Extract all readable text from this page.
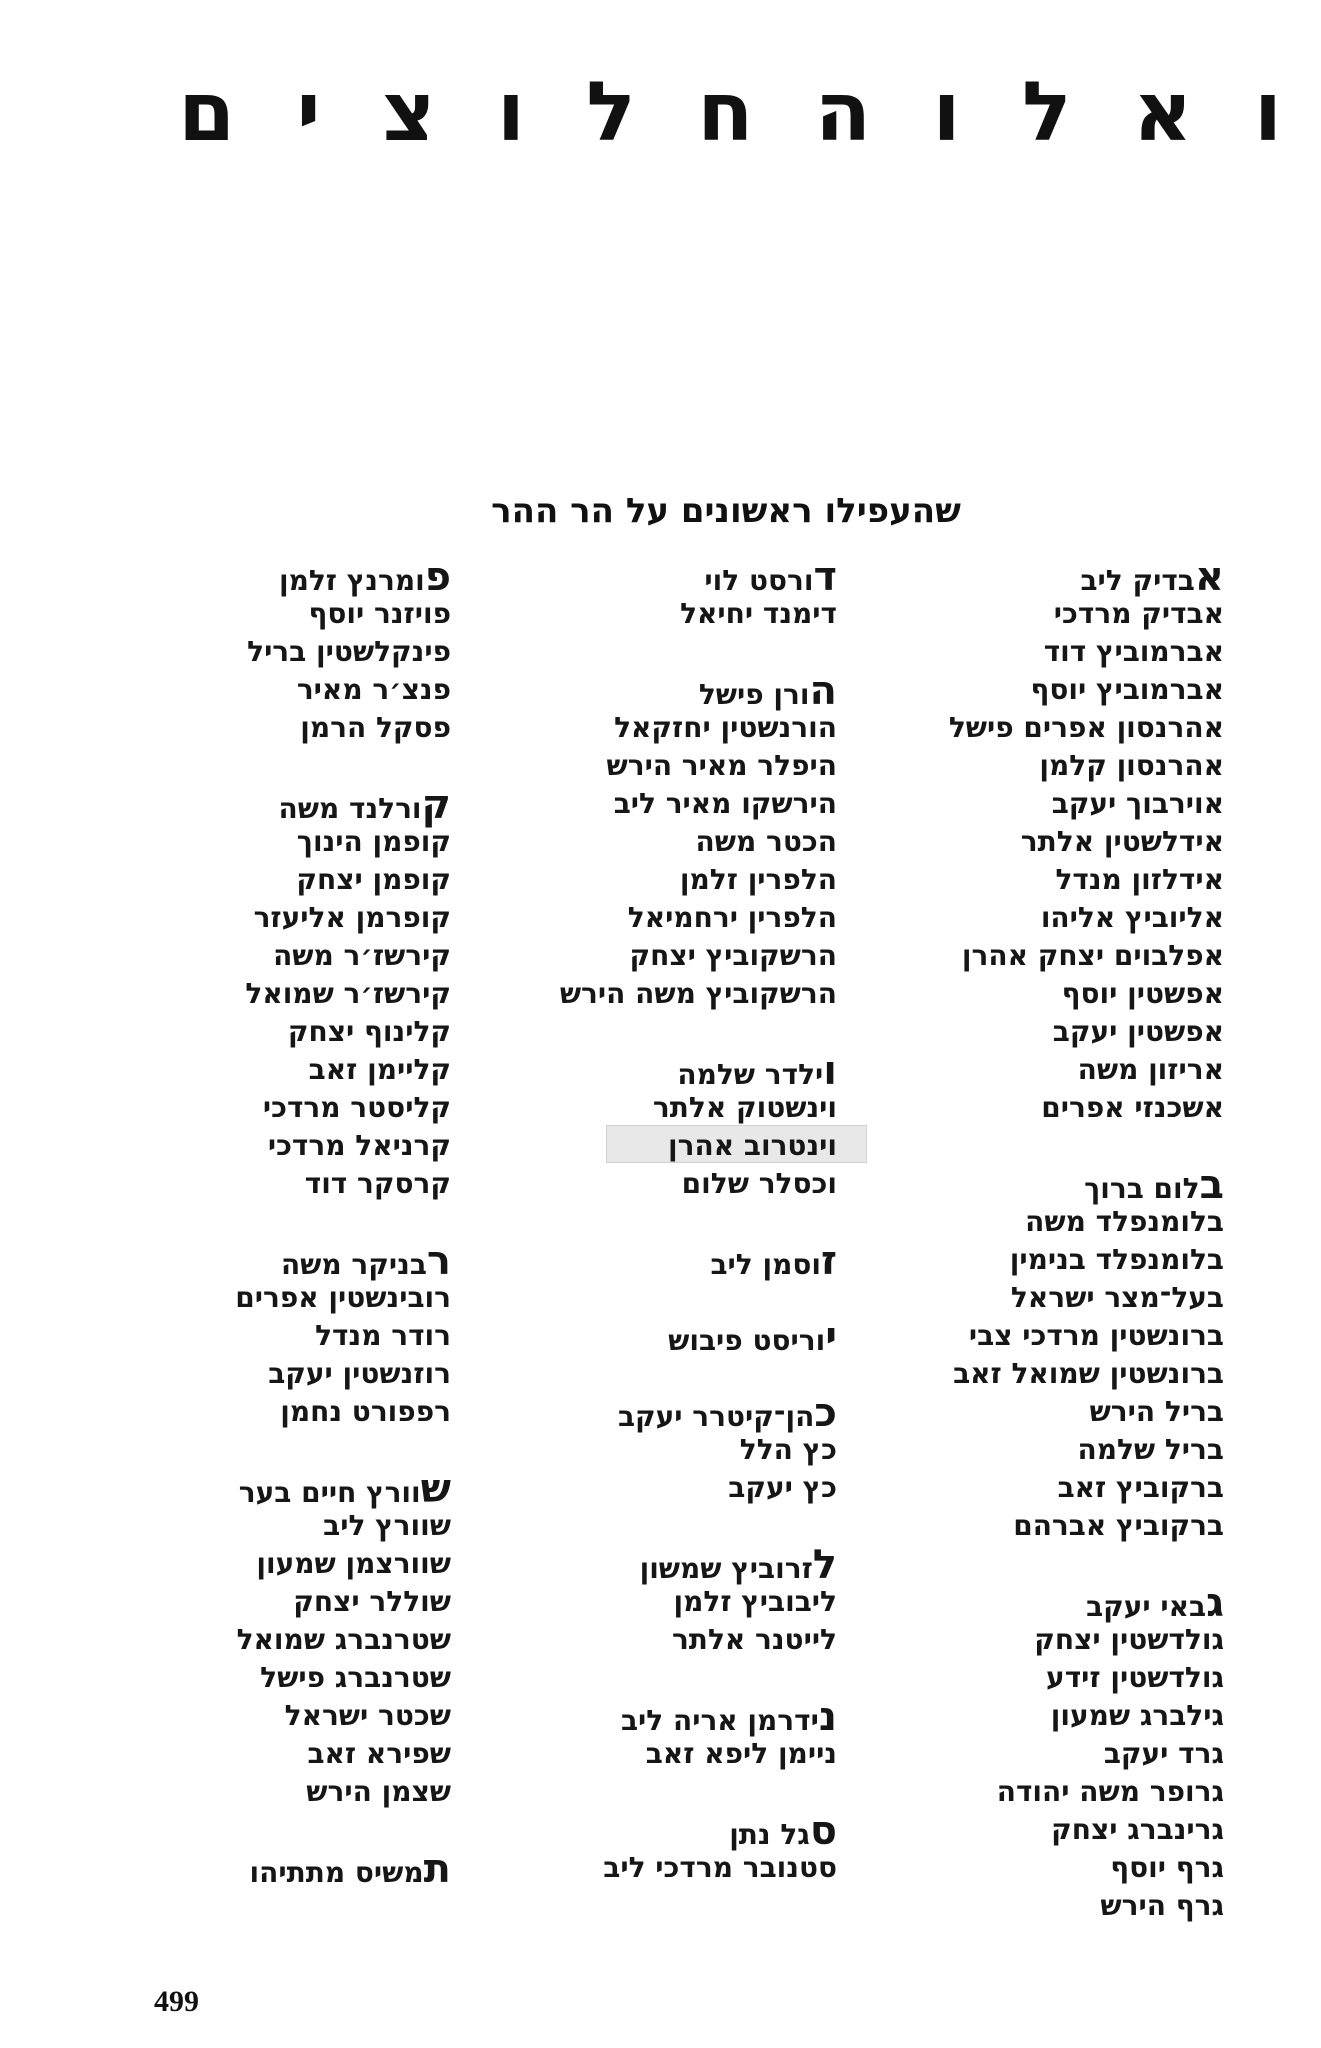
ו
א
ל
ו
ה
ח
ל
ו
צ
י
ם
שהעפילו ראשונים על הר ההר
אבדיק ליב
אבדיק מרדכי
אברמוביץ דוד
אברמוביץ יוסף
אהרנסון אפרים פישל
אהרנסון קלמן
אוירבוך יעקב
אידלשטין אלתר
אידלזון מנדל
אליוביץ אליהו
אפלבוים יצחק אהרן
אפשטין יוסף
אפשטין יעקב
אריזון משה
אשכנזי אפרים
בלום ברוך
בלומנפלד משה
בלומנפלד בנימין
בעל־מצר ישראל
ברונשטין מרדכי צבי
ברונשטין שמואל זאב
בריל הירש
בריל שלמה
ברקוביץ זאב
ברקוביץ אברהם
גבאי יעקב
גולדשטין יצחק
גולדשטין זידע
גילברג שמעון
גרד יעקב
גרופר משה יהודה
גרינברג יצחק
גרף יוסף
גרף הירש
דורסט לוי
דימנד יחיאל
הורן פישל
הורנשטין יחזקאל
היפלר מאיר הירש
הירשקו מאיר ליב
הכטר משה
הלפרין זלמן
הלפרין ירחמיאל
הרשקוביץ יצחק
הרשקוביץ משה הירש
וילדר שלמה
וינשטוק אלתר
וינטרוב אהרן
וכסלר שלום
זוסמן ליב
יוריסט פיבוש
כהן־קיטרר יעקב
כץ הלל
כץ יעקב
לזרוביץ שמשון
ליבוביץ זלמן
לייטנר אלתר
נידרמן אריה ליב
ניימן ליפא זאב
סגל נתן
סטנובר מרדכי ליב
פומרנץ זלמן
פויזנר יוסף
פינקלשטין בריל
פנצ׳ר מאיר
פסקל הרמן
קורלנד משה
קופמן הינוך
קופמן יצחק
קופרמן אליעזר
קירשז׳ר משה
קירשז׳ר שמואל
קלינוף יצחק
קליימן זאב
קליסטר מרדכי
קרניאל מרדכי
קרסקר דוד
רבניקר משה
רובינשטין אפרים
רודר מנדל
רוזנשטין יעקב
רפפורט נחמן
שוורץ חיים בער
שוורץ ליב
שוורצמן שמעון
שוללר יצחק
שטרנברג שמואל
שטרנברג פישל
שכטר ישראל
שפירא זאב
שצמן הירש
תמשיס מתתיהו
499
